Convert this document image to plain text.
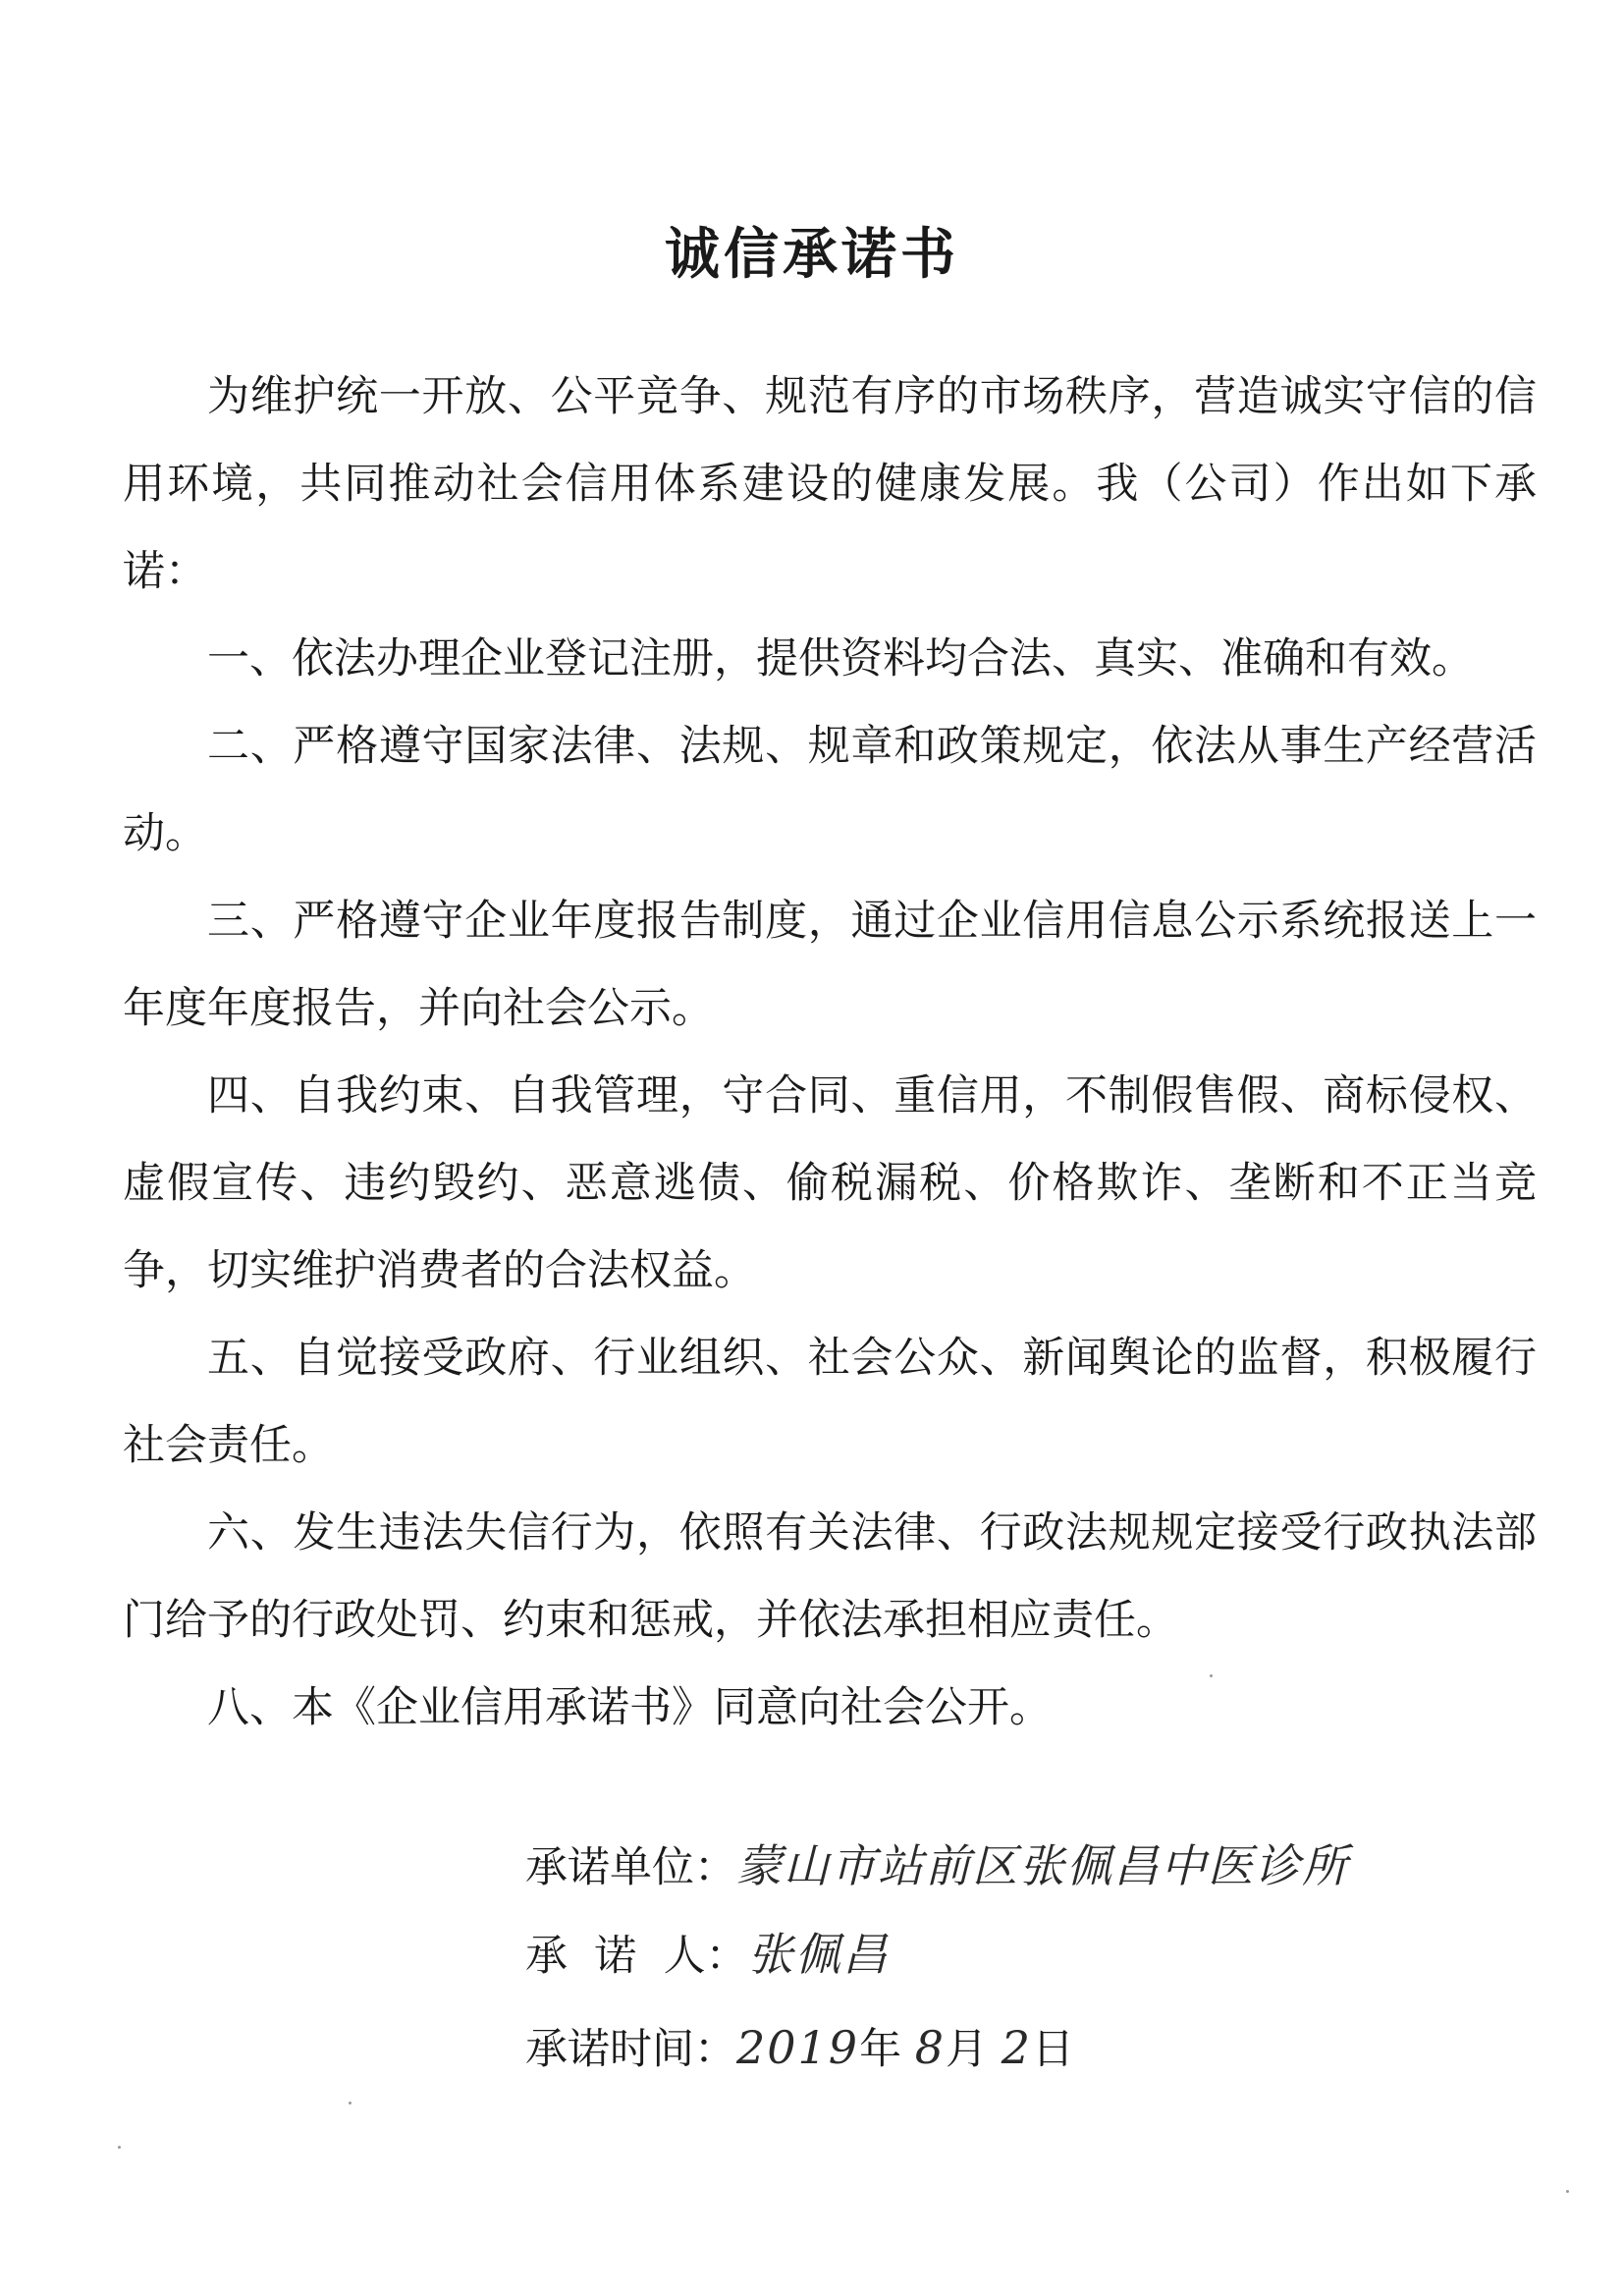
诚信承诺书

为维护统一开放、公平竞争、规范有序的市场秩序，营造诚实守信的信用环境，共同推动社会信用体系建设的健康发展。我（公司）作出如下承诺：

一、依法办理企业登记注册，提供资料均合法、真实、准确和有效。

二、严格遵守国家法律、法规、规章和政策规定，依法从事生产经营活动。

三、严格遵守企业年度报告制度，通过企业信用信息公示系统报送上一年度年度报告，并向社会公示。

四、自我约束、自我管理，守合同、重信用，不制假售假、商标侵权、虚假宣传、违约毁约、恶意逃债、偷税漏税、价格欺诈、垄断和不正当竞争，切实维护消费者的合法权益。

五、自觉接受政府、行业组织、社会公众、新闻舆论的监督，积极履行社会责任。

六、发生违法失信行为，依照有关法律、行政法规规定接受行政执法部门给予的行政处罚、约束和惩戒，并依法承担相应责任。

八、本《企业信用承诺书》同意向社会公开。

承诺单位：蒙山市站前区张佩昌中医诊所
承  诺  人：张佩昌
承诺时间：2019年 8月 2日
